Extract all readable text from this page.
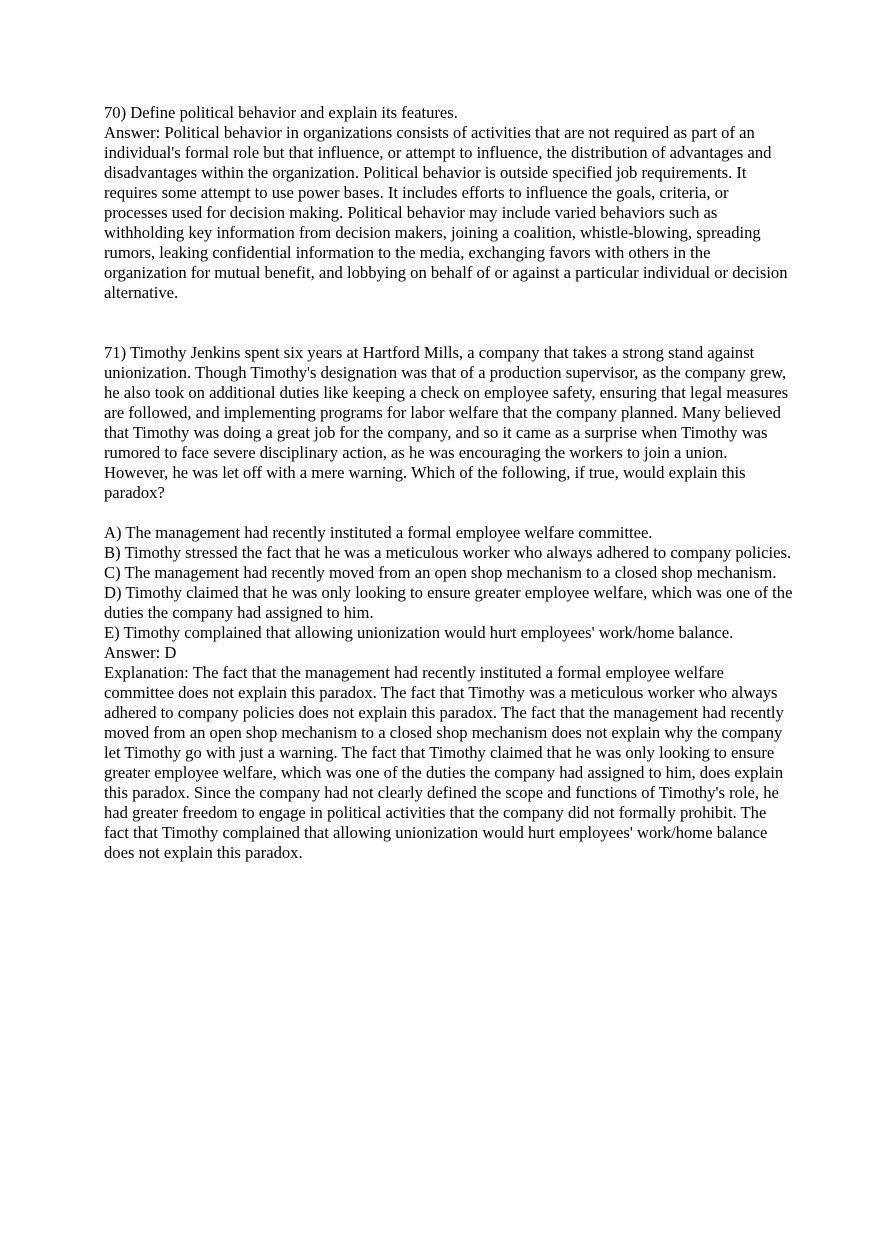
70) Define political behavior and explain its features.

Answer: Political behavior in organizations consists of activities that are not required as part of an individual's formal role but that influence, or attempt to influence, the distribution of advantages and disadvantages within the organization. Political behavior is outside specified job requirements. It requires some attempt to use power bases. It includes efforts to influence the goals, criteria, or processes used for decision making. Political behavior may include varied behaviors such as withholding key information from decision makers, joining a coalition, whistle-blowing, spreading rumors, leaking confidential information to the media, exchanging favors with others in the organization for mutual benefit, and lobbying on behalf of or against a particular individual or decision alternative.

71) Timothy Jenkins spent six years at Hartford Mills, a company that takes a strong stand against unionization. Though Timothy's designation was that of a production supervisor, as the company grew, he also took on additional duties like keeping a check on employee safety, ensuring that legal measures are followed, and implementing programs for labor welfare that the company planned. Many believed that Timothy was doing a great job for the company, and so it came as a surprise when Timothy was rumored to face severe disciplinary action, as he was encouraging the workers to join a union. However, he was let off with a mere warning. Which of the following, if true, would explain this paradox?

A) The management had recently instituted a formal employee welfare committee.

B) Timothy stressed the fact that he was a meticulous worker who always adhered to company policies.

C) The management had recently moved from an open shop mechanism to a closed shop mechanism.

D) Timothy claimed that he was only looking to ensure greater employee welfare, which was one of the duties the company had assigned to him.

E) Timothy complained that allowing unionization would hurt employees' work/home balance.

Answer: D

Explanation: The fact that the management had recently instituted a formal employee welfare committee does not explain this paradox. The fact that Timothy was a meticulous worker who always adhered to company policies does not explain this paradox. The fact that the management had recently moved from an open shop mechanism to a closed shop mechanism does not explain why the company let Timothy go with just a warning. The fact that Timothy claimed that he was only looking to ensure greater employee welfare, which was one of the duties the company had assigned to him, does explain this paradox. Since the company had not clearly defined the scope and functions of Timothy's role, he had greater freedom to engage in political activities that the company did not formally prohibit. The fact that Timothy complained that allowing unionization would hurt employees' work/home balance does not explain this paradox.
